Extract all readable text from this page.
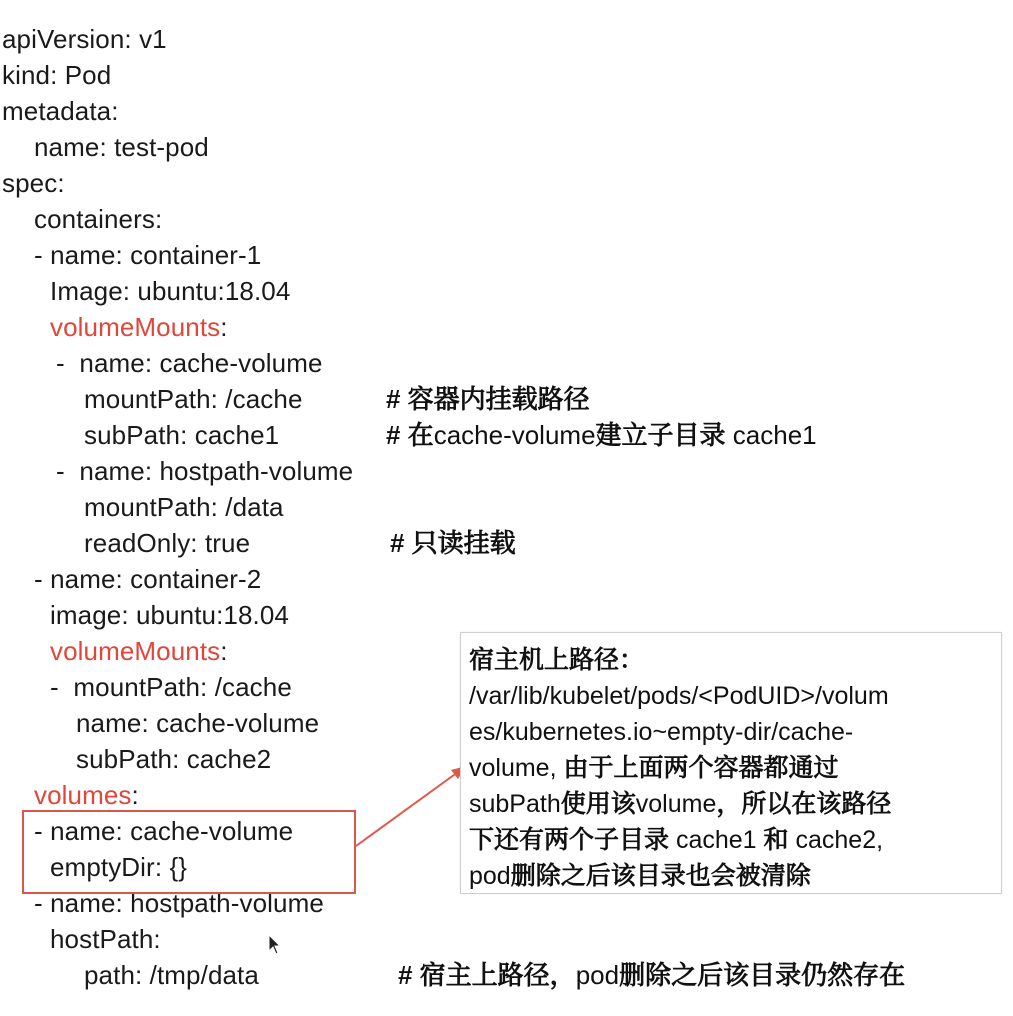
apiVersion: v1
kind: Pod
metadata:
name: test-pod
spec:
containers:
- name: container-1
Image: ubuntu:18.04
volumeMounts:
-  name: cache-volume
mountPath: /cache
subPath: cache1
-  name: hostpath-volume
mountPath: /data
readOnly: true
- name: container-2
image: ubuntu:18.04
volumeMounts:
-  mountPath: /cache
name: cache-volume
subPath: cache2
volumes:
- name: cache-volume
emptyDir: {}
- name: hostpath-volume
hostPath:
path: /tmp/data
# 容器内挂载路径
# 在cache-volume建立子目录 cache1
# 只读挂载
# 宿主上路径，pod删除之后该目录仍然存在
宿主机上路径：
/var/lib/kubelet/pods/<PodUID>/volum
es/kubernetes.io~empty-dir/cache-
volume, 由于上面两个容器都通过
subPath使用该volume，所以在该路径
下还有两个子目录 cache1 和 cache2,
pod删除之后该目录也会被清除
